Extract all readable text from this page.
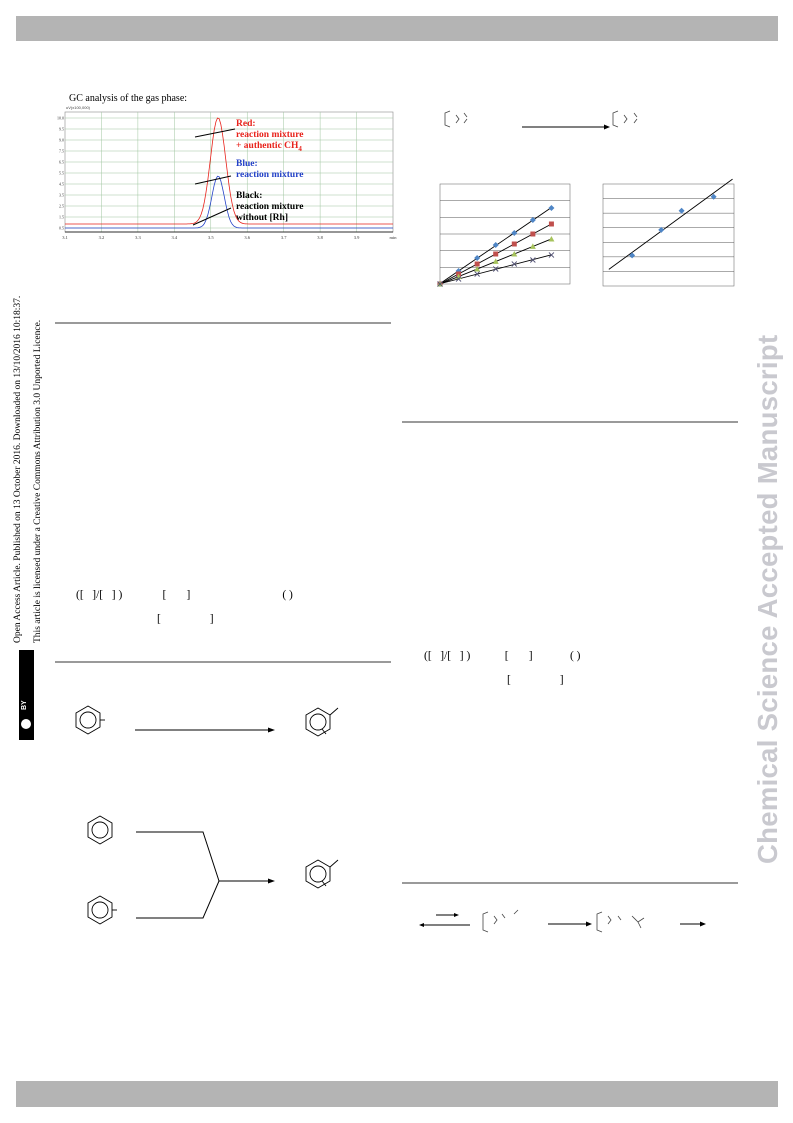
BY
Open Access Article. Published on 13 October 2016. Downloaded on 13/10/2016 10:18:37. This article is licensed under a Creative Commons Attribution 3.0 Unported Licence.	Chemical Science Accepted Manuscript
GC analysis of the gas phase:
uV(x100,000)
10.0
9.5
9.0
7.5
6.5
5.5
4.5
3.5
2.5
1.5
0.5
3.1	3.2	3.3	3.4	3.5	3.6	3.7	3.8	3.9	min
Red:
reaction mixture
+ authentic $CH_4$
Blue:
reaction mixture
Black:
reaction mixture
without [Rh]
([   ]/[   ] )              [       ]                                ( )
[                 ]
([   ]/[   ] )            [       ]             ( )
[                 ]
